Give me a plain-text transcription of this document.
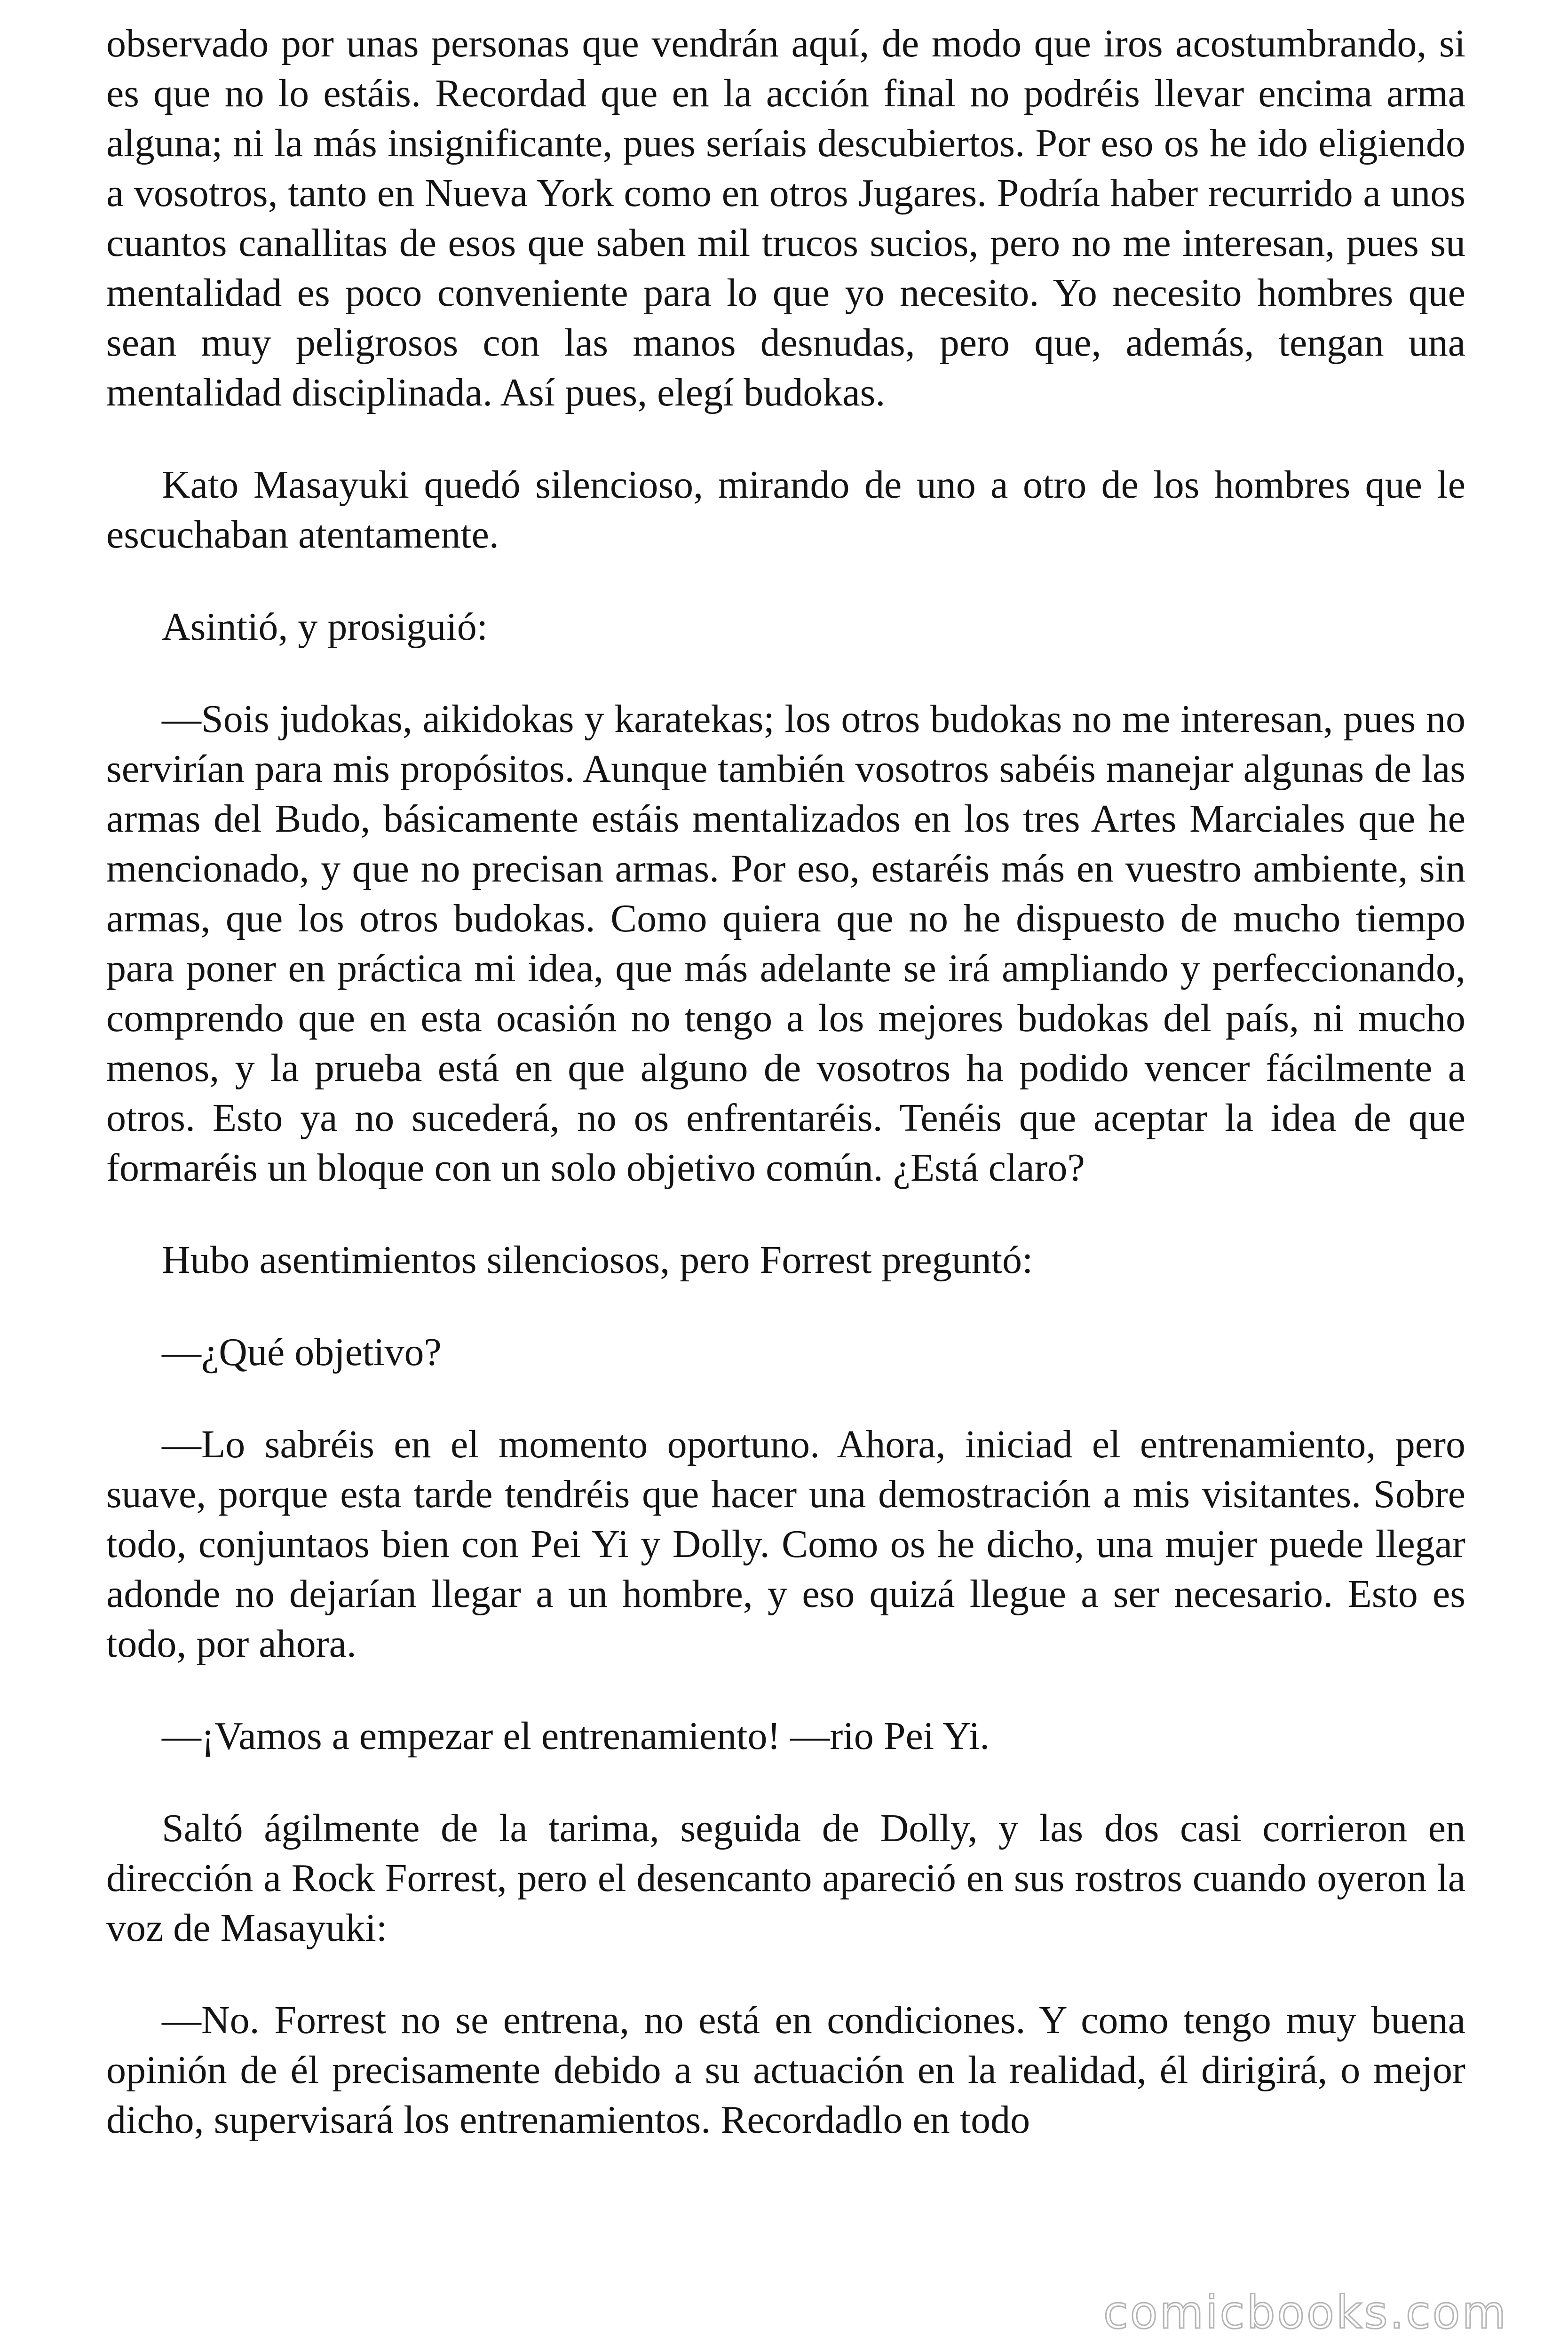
observado por unas personas que vendrán aquí, de modo que iros acostumbrando, si es que no lo estáis. Recordad que en la acción final no podréis llevar encima arma alguna; ni la más insignificante, pues seríais descubiertos. Por eso os he ido eligiendo a vosotros, tanto en Nueva York como en otros Jugares. Podría haber recurrido a unos cuantos canallitas de esos que saben mil trucos sucios, pero no me interesan, pues su mentalidad es poco conveniente para lo que yo necesito. Yo necesito hombres que sean muy peligrosos con las manos desnudas, pero que, además, tengan una mentalidad disciplinada. Así pues, elegí budokas.

Kato Masayuki quedó silencioso, mirando de uno a otro de los hombres que le escuchaban atentamente.

Asintió, y prosiguió:

—Sois judokas, aikidokas y karatekas; los otros budokas no me interesan, pues no servirían para mis propósitos. Aunque también vosotros sabéis manejar algunas de las armas del Budo, básicamente estáis mentalizados en los tres Artes Marciales que he mencionado, y que no precisan armas. Por eso, estaréis más en vuestro ambiente, sin armas, que los otros budokas. Como quiera que no he dispuesto de mucho tiempo para poner en práctica mi idea, que más adelante se irá ampliando y perfeccionando, comprendo que en esta ocasión no tengo a los mejores budokas del país, ni mucho menos, y la prueba está en que alguno de vosotros ha podido vencer fácilmente a otros. Esto ya no sucederá, no os enfrentaréis. Tenéis que aceptar la idea de que formaréis un bloque con un solo objetivo común. ¿Está claro?

Hubo asentimientos silenciosos, pero Forrest preguntó:

—¿Qué objetivo?

—Lo sabréis en el momento oportuno. Ahora, iniciad el entrenamiento, pero suave, porque esta tarde tendréis que hacer una demostración a mis visitantes. Sobre todo, conjuntaos bien con Pei Yi y Dolly. Como os he dicho, una mujer puede llegar adonde no dejarían llegar a un hombre, y eso quizá llegue a ser necesario. Esto es todo, por ahora.

—¡Vamos a empezar el entrenamiento! —rio Pei Yi.

Saltó ágilmente de la tarima, seguida de Dolly, y las dos casi corrieron en dirección a Rock Forrest, pero el desencanto apareció en sus rostros cuando oyeron la voz de Masayuki:

—No. Forrest no se entrena, no está en condiciones. Y como tengo muy buena opinión de él precisamente debido a su actuación en la realidad, él dirigirá, o mejor dicho, supervisará los entrenamientos. Recordadlo en todo

comicbooks.com
